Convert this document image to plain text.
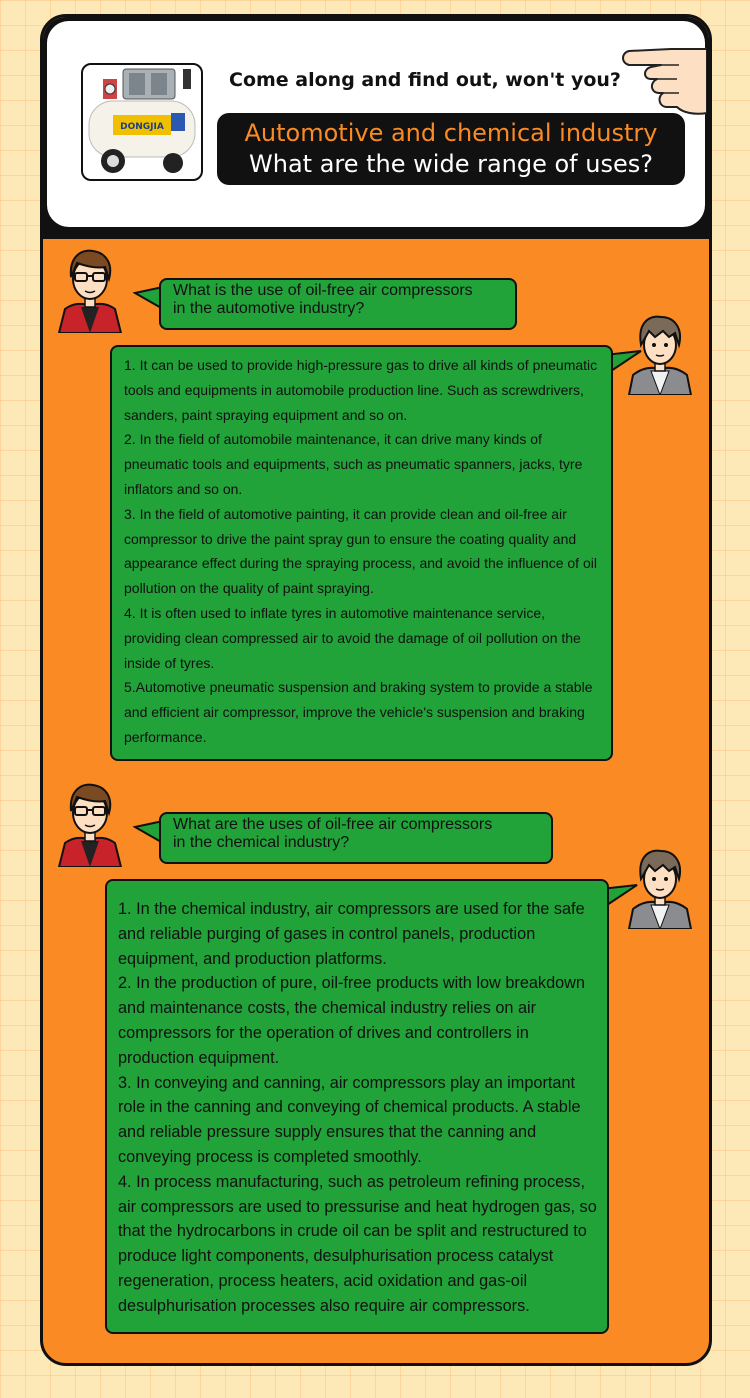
DONGJIA
Come along and find out, won't you?
Automotive and chemical industry
What are the wide range of uses?
What is the use of oil-free air compressors
in the automotive industry?
1. It can be used to provide high-pressure gas to drive all kinds of pneumatic tools and equipments in automobile production line. Such as screwdrivers, sanders, paint spraying equipment and so on.
2. In the field of automobile maintenance, it can drive many kinds of pneumatic tools and equipments, such as pneumatic spanners, jacks, tyre inflators and so on.
3. In the field of automotive painting, it can provide clean and oil-free air compressor to drive the paint spray gun to ensure the coating quality and appearance effect during the spraying process, and avoid the influence of oil pollution on the quality of paint spraying.
4. It is often used to inflate tyres in automotive maintenance service, providing clean compressed air to avoid the damage of oil pollution on the inside of tyres.
5.Automotive pneumatic suspension and braking system to provide a stable and efficient air compressor, improve the vehicle's suspension and braking performance.
What are the uses of oil-free air compressors
in the chemical industry?
1. In the chemical industry, air compressors are used for the safe and reliable purging of gases in control panels, production equipment, and production platforms.
2. In the production of pure, oil-free products with low breakdown and maintenance costs, the chemical industry relies on air compressors for the operation of drives and controllers in production equipment.
3. In conveying and canning, air compressors play an important role in the canning and conveying of chemical products. A stable and reliable pressure supply ensures that the canning and conveying process is completed smoothly.
4. In process manufacturing, such as petroleum refining process, air compressors are used to pressurise and heat hydrogen gas, so that the hydrocarbons in crude oil can be split and restructured to produce light components, desulphurisation process catalyst regeneration, process heaters, acid oxidation and gas-oil desulphurisation processes also require air compressors.
